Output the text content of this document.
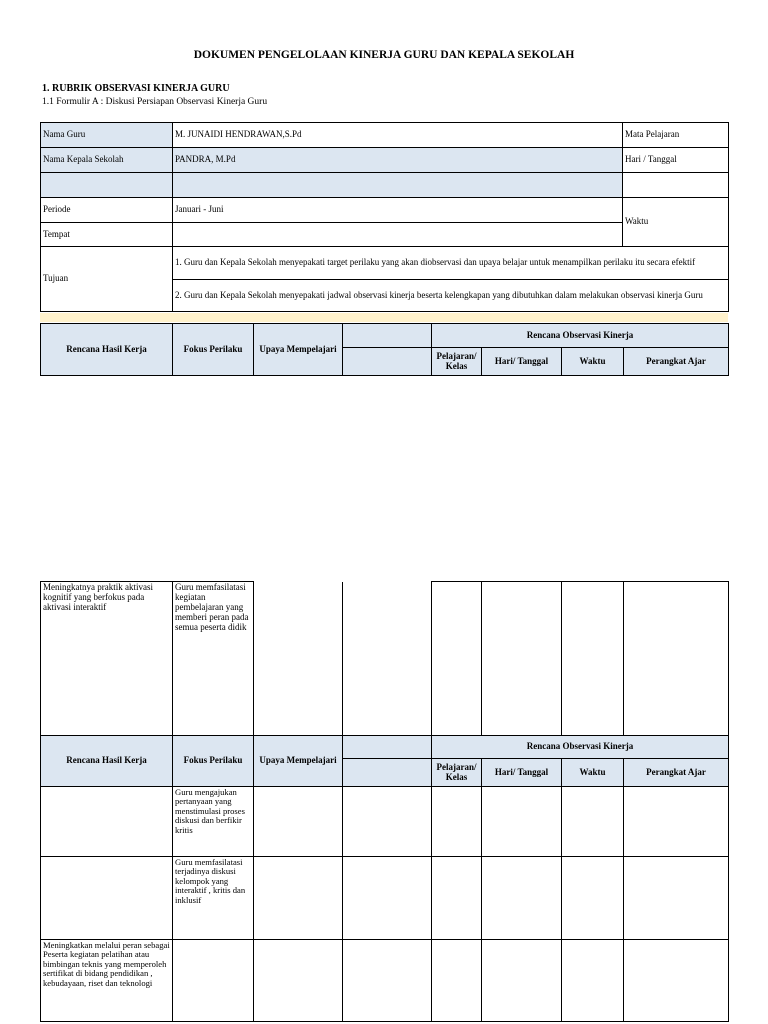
DOKUMEN PENGELOLAAN KINERJA GURU DAN KEPALA SEKOLAH
1. RUBRIK OBSERVASI KINERJA GURU
1.1 Formulir A : Diskusi Persiapan Observasi Kinerja Guru
Nama Guru	M. JUNAIDI HENDRAWAN,S.Pd	Mata Pelajaran
Nama Kepala Sekolah	PANDRA, M.Pd	Hari / Tanggal

Periode	Januari - Juni	Waktu
Tempat		
Tujuan	1. Guru dan Kepala Sekolah menyepakati target perilaku yang akan diobservasi dan upaya belajar untuk menampilkan perilaku itu secara efektif	
	2. Guru dan Kepala Sekolah menyepakati jadwal observasi kinerja beserta kelengkapan yang dibutuhkan dalam melakukan observasi kinerja Guru	
Rencana Hasil Kerja	Fokus Perilaku	Upaya Mempelajari		Rencana Observasi Kinerja			
				Pelajaran/ Kelas	Hari/ Tanggal	Waktu	Perangkat Ajar
Meningkatnya praktik aktivasi kognitif yang berfokus pada aktivasi interaktif	Guru memfasilatasi kegiatan pembelajaran yang memberi peran pada semua peserta didik						
Rencana Hasil Kerja	Fokus Perilaku	Upaya Mempelajari		Rencana Observasi Kinerja			
				Pelajaran/ Kelas	Hari/ Tanggal	Waktu	Perangkat Ajar
	Guru mengajukan pertanyaan yang menstimulasi proses diskusi dan berfikir kritis						
	Guru memfasilatasi terjadinya diskusi kelompok yang interaktif , kritis dan inklusif						
Meningkatkan melalui peran sebagai Peserta kegiatan pelatihan atau bimbingan teknis yang memperoleh sertifikat di bidang pendidikan , kebudayaan, riset dan teknologi							
